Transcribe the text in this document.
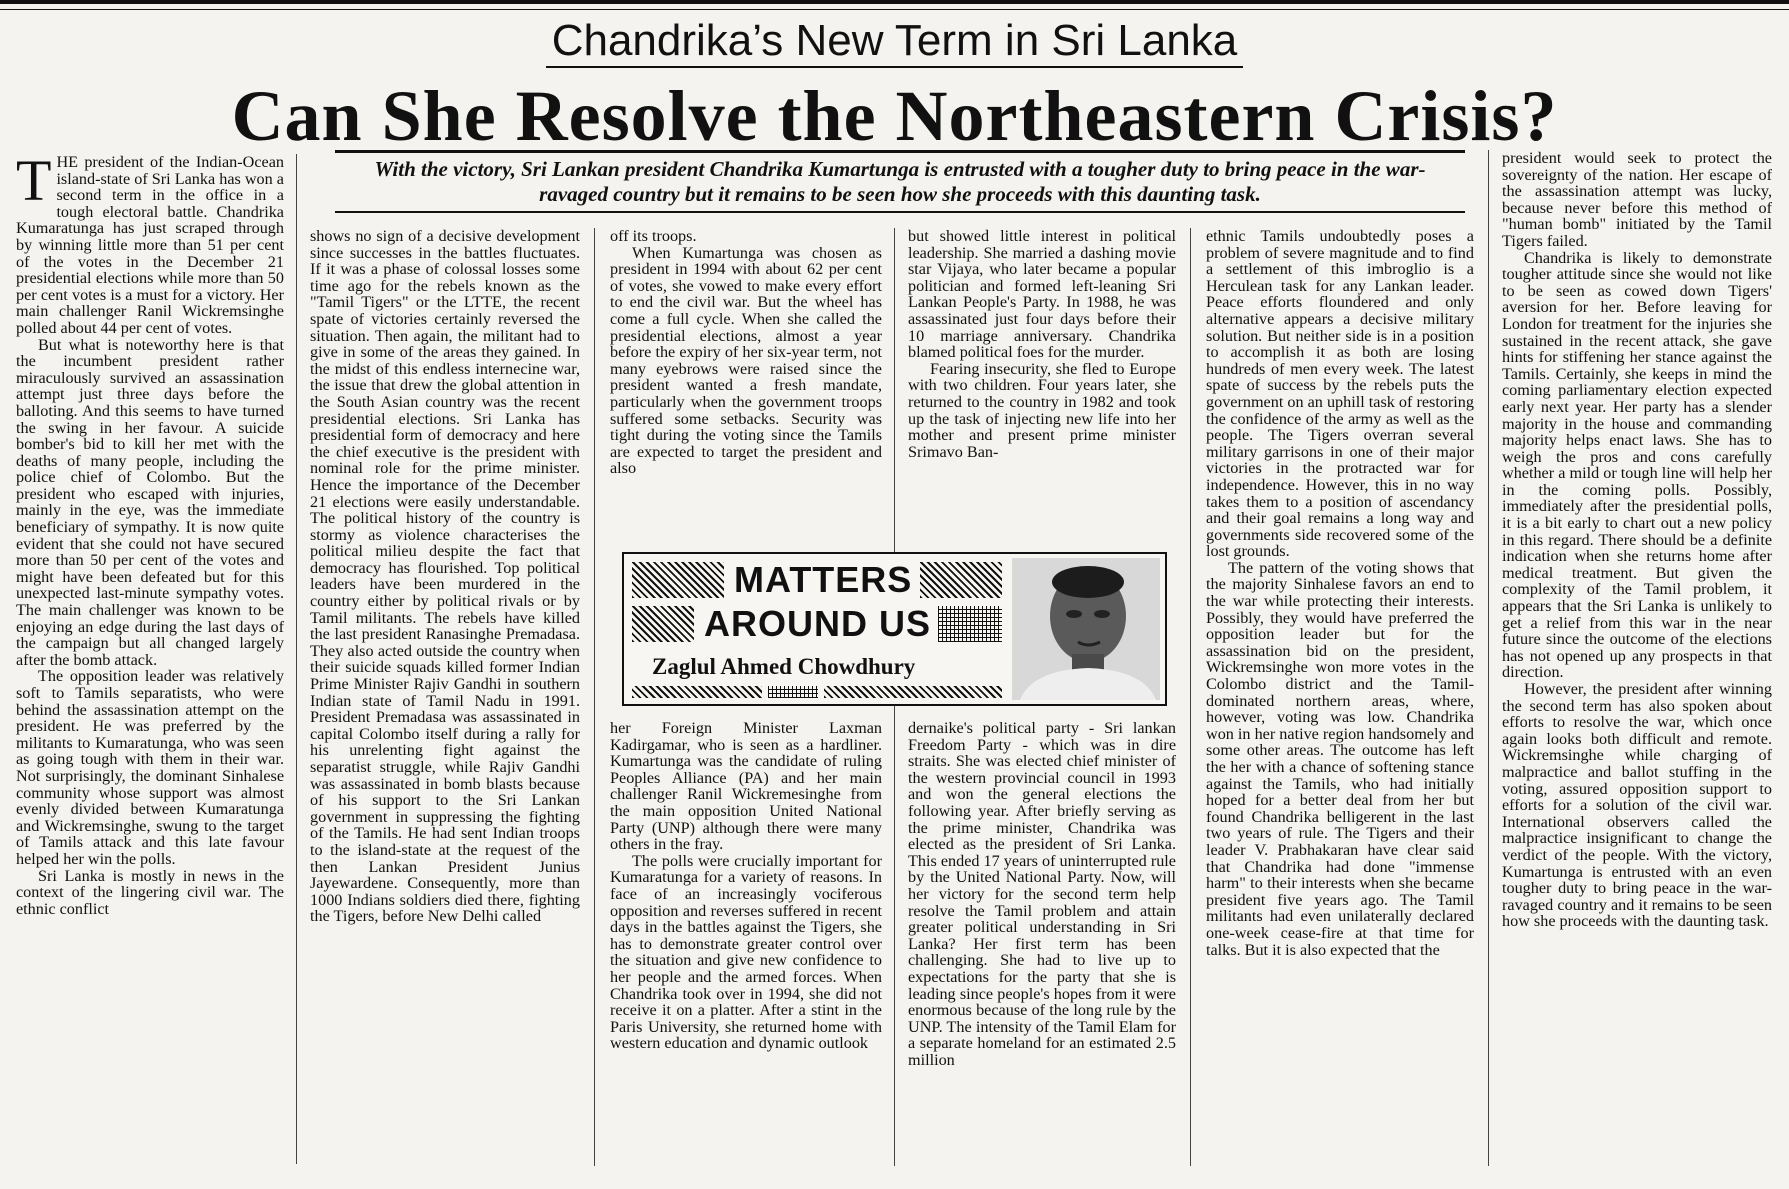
Chandrika’s New Term in Sri Lanka
Can She Resolve the Northeastern Crisis?
With the victory, Sri Lankan president Chandrika Kumartunga is entrusted with a tougher duty to bring peace in the war-ravaged country but it remains to be seen how she proceeds with this daunting task.

THE president of the Indian-Ocean island-state of Sri Lanka has won a second term in the office in a tough electoral battle. Chandrika Kumaratunga has just scraped through by winning little more than 51 per cent of the votes in the December 21 presidential elections while more than 50 per cent votes is a must for a victory. Her main challenger Ranil Wickremsinghe polled about 44 per cent of votes.

But what is noteworthy here is that the incumbent president rather miraculously survived an assassination attempt just three days before the balloting. And this seems to have turned the swing in her favour. A suicide bomber's bid to kill her met with the deaths of many people, including the police chief of Colombo. But the president who escaped with injuries, mainly in the eye, was the immediate beneficiary of sympathy. It is now quite evident that she could not have secured more than 50 per cent of the votes and might have been defeated but for this unexpected last-minute sympathy votes. The main challenger was known to be enjoying an edge during the last days of the campaign but all changed largely after the bomb attack.

The opposition leader was relatively soft to Tamils separatists, who were behind the assassination attempt on the president. He was preferred by the militants to Kumaratunga, who was seen as going tough with them in their war. Not surprisingly, the dominant Sinhalese community whose support was almost evenly divided between Kumaratunga and Wickremsinghe, swung to the target of Tamils attack and this late favour helped her win the polls.

Sri Lanka is mostly in news in the context of the lingering civil war. The ethnic conflict

shows no sign of a decisive development since successes in the battles fluctuates. If it was a phase of colossal losses some time ago for the rebels known as the "Tamil Tigers" or the LTTE, the recent spate of victories certainly reversed the situation. Then again, the militant had to give in some of the areas they gained. In the midst of this endless internecine war, the issue that drew the global attention in the South Asian country was the recent presidential elections. Sri Lanka has presidential form of democracy and here the chief executive is the president with nominal role for the prime minister. Hence the importance of the December 21 elections were easily understandable. The political history of the country is stormy as violence characterises the political milieu despite the fact that democracy has flourished. Top political leaders have been murdered in the country either by political rivals or by Tamil militants. The rebels have killed the last president Ranasinghe Premadasa. They also acted outside the country when their suicide squads killed former Indian Prime Minister Rajiv Gandhi in southern Indian state of Tamil Nadu in 1991. President Premadasa was assassinated in capital Colombo itself during a rally for his unrelenting fight against the separatist struggle, while Rajiv Gandhi was assassinated in bomb blasts because of his support to the Sri Lankan government in suppressing the fighting of the Tamils. He had sent Indian troops to the island-state at the request of the then Lankan President Junius Jayewardene. Consequently, more than 1000 Indians soldiers died there, fighting the Tigers, before New Delhi called

off its troops.

When Kumartunga was chosen as president in 1994 with about 62 per cent of votes, she vowed to make every effort to end the civil war. But the wheel has come a full cycle. When she called the presidential elections, almost a year before the expiry of her six-year term, not many eyebrows were raised since the president wanted a fresh mandate, particularly when the government troops suffered some setbacks. Security was tight during the voting since the Tamils are expected to target the president and also

but showed little interest in political leadership. She married a dashing movie star Vijaya, who later became a popular politician and formed left-leaning Sri Lankan People's Party. In 1988, he was assassinated just four days before their 10 marriage anniversary. Chandrika blamed political foes for the murder.

Fearing insecurity, she fled to Europe with two children. Four years later, she returned to the country in 1982 and took up the task of injecting new life into her mother and present prime minister Srimavo Ban-

MATTERS
AROUND US
Zaglul Ahmed Chowdhury

her Foreign Minister Laxman Kadirgamar, who is seen as a hardliner. Kumartunga was the candidate of ruling Peoples Alliance (PA) and her main challenger Ranil Wickremesinghe from the main opposition United National Party (UNP) although there were many others in the fray.

The polls were crucially important for Kumaratunga for a variety of reasons. In face of an increasingly vociferous opposition and reverses suffered in recent days in the battles against the Tigers, she has to demonstrate greater control over the situation and give new confidence to her people and the armed forces. When Chandrika took over in 1994, she did not receive it on a platter. After a stint in the Paris University, she returned home with western education and dynamic outlook

dernaike's political party - Sri lankan Freedom Party - which was in dire straits. She was elected chief minister of the western provincial council in 1993 and won the general elections the following year. After briefly serving as the prime minister, Chandrika was elected as the president of Sri Lanka. This ended 17 years of uninterrupted rule by the United National Party. Now, will her victory for the second term help resolve the Tamil problem and attain greater political understanding in Sri Lanka? Her first term has been challenging. She had to live up to expectations for the party that she is leading since people's hopes from it were enormous because of the long rule by the UNP. The intensity of the Tamil Elam for a separate homeland for an estimated 2.5 million

ethnic Tamils undoubtedly poses a problem of severe magnitude and to find a settlement of this imbroglio is a Herculean task for any Lankan leader. Peace efforts floundered and only alternative appears a decisive military solution. But neither side is in a position to accomplish it as both are losing hundreds of men every week. The latest spate of success by the rebels puts the government on an uphill task of restoring the confidence of the army as well as the people. The Tigers overran several military garrisons in one of their major victories in the protracted war for independence. However, this in no way takes them to a position of ascendancy and their goal remains a long way and governments side recovered some of the lost grounds.

The pattern of the voting shows that the majority Sinhalese favors an end to the war while protecting their interests. Possibly, they would have preferred the opposition leader but for the assassination bid on the president, Wickremsinghe won more votes in the Colombo district and the Tamil-dominated northern areas, where, however, voting was low. Chandrika won in her native region handsomely and some other areas. The outcome has left the her with a chance of softening stance against the Tamils, who had initially hoped for a better deal from her but found Chandrika belligerent in the last two years of rule. The Tigers and their leader V. Prabhakaran have clear said that Chandrika had done "immense harm" to their interests when she became president five years ago. The Tamil militants had even unilaterally declared one-week cease-fire at that time for talks. But it is also expected that the

president would seek to protect the sovereignty of the nation. Her escape of the assassination attempt was lucky, because never before this method of "human bomb" initiated by the Tamil Tigers failed.

Chandrika is likely to demonstrate tougher attitude since she would not like to be seen as cowed down Tigers' aversion for her. Before leaving for London for treatment for the injuries she sustained in the recent attack, she gave hints for stiffening her stance against the Tamils. Certainly, she keeps in mind the coming parliamentary election expected early next year. Her party has a slender majority in the house and commanding majority helps enact laws. She has to weigh the pros and cons carefully whether a mild or tough line will help her in the coming polls. Possibly, immediately after the presidential polls, it is a bit early to chart out a new policy in this regard. There should be a definite indication when she returns home after medical treatment. But given the complexity of the Tamil problem, it appears that the Sri Lanka is unlikely to get a relief from this war in the near future since the outcome of the elections has not opened up any prospects in that direction.

However, the president after winning the second term has also spoken about efforts to resolve the war, which once again looks both difficult and remote. Wickremsinghe while charging of malpractice and ballot stuffing in the voting, assured opposition support to efforts for a solution of the civil war. International observers called the malpractice insignificant to change the verdict of the people. With the victory, Kumartunga is entrusted with an even tougher duty to bring peace in the war-ravaged country and it remains to be seen how she proceeds with the daunting task.
